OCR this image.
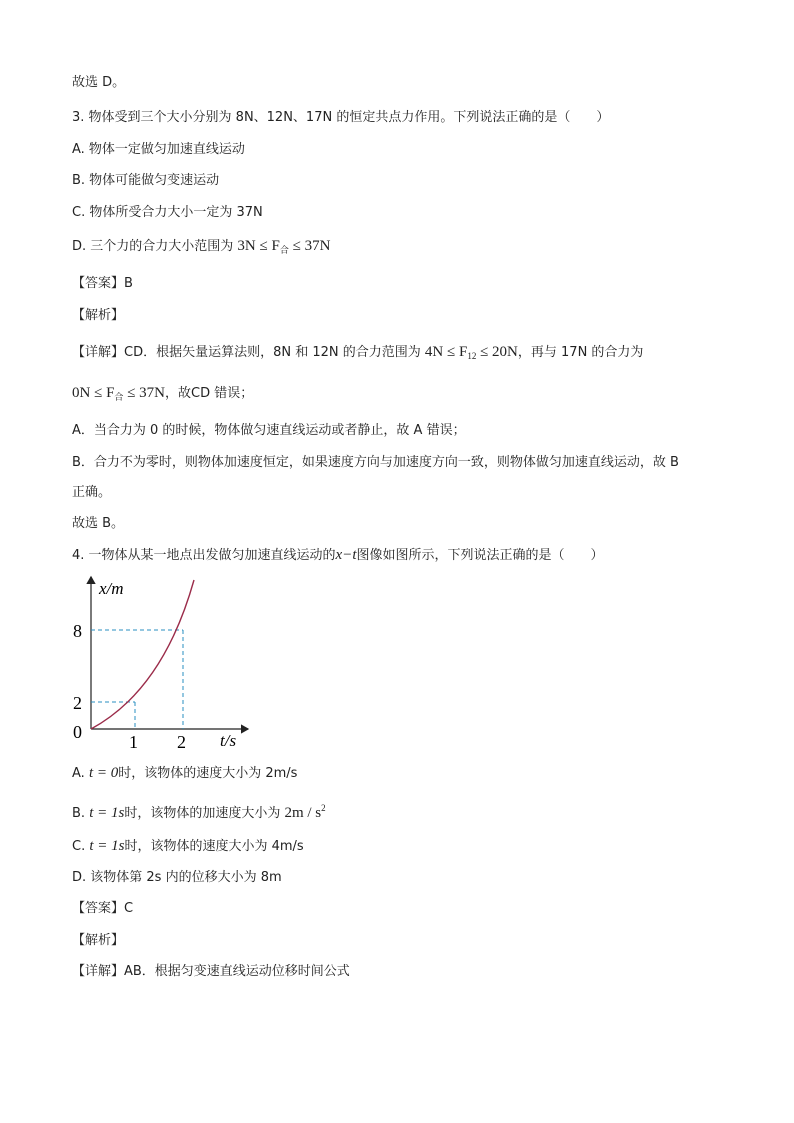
故选 D。
3. 物体受到三个大小分别为 8N、12N、17N 的恒定共点力作用。下列说法正确的是（　　）
A. 物体一定做匀加速直线运动
B. 物体可能做匀变速运动
C. 物体所受合力大小一定为 37N
D. 三个力的合力大小范围为 $3N \le F_合 \le 37N$
【答案】B
【解析】
【详解】CD．根据矢量运算法则，8N 和 12N 的合力范围为 $4N \le F_{12} \le 20N$，再与 17N 的合力为
$0N \le F_合 \le 37N$，故CD 错误；
A．当合力为 0 的时候，物体做匀速直线运动或者静止，故 A 错误；
B．合力不为零时，则物体加速度恒定，如果速度方向与加速度方向一致，则物体做匀加速直线运动，故 B
正确。
故选 B。
4. 一物体从某一地点出发做匀加速直线运动的x−t图像如图所示，下列说法正确的是（　　）
x/m
t/s
0
8
2
1 2
A. t = 0时，该物体的速度大小为 2m/s
B. t = 1s时，该物体的加速度大小为 $2m / s^2$
C. t = 1s时，该物体的速度大小为 4m/s
D. 该物体第 2s 内的位移大小为 8m
【答案】C
【解析】
【详解】AB．根据匀变速直线运动位移时间公式
